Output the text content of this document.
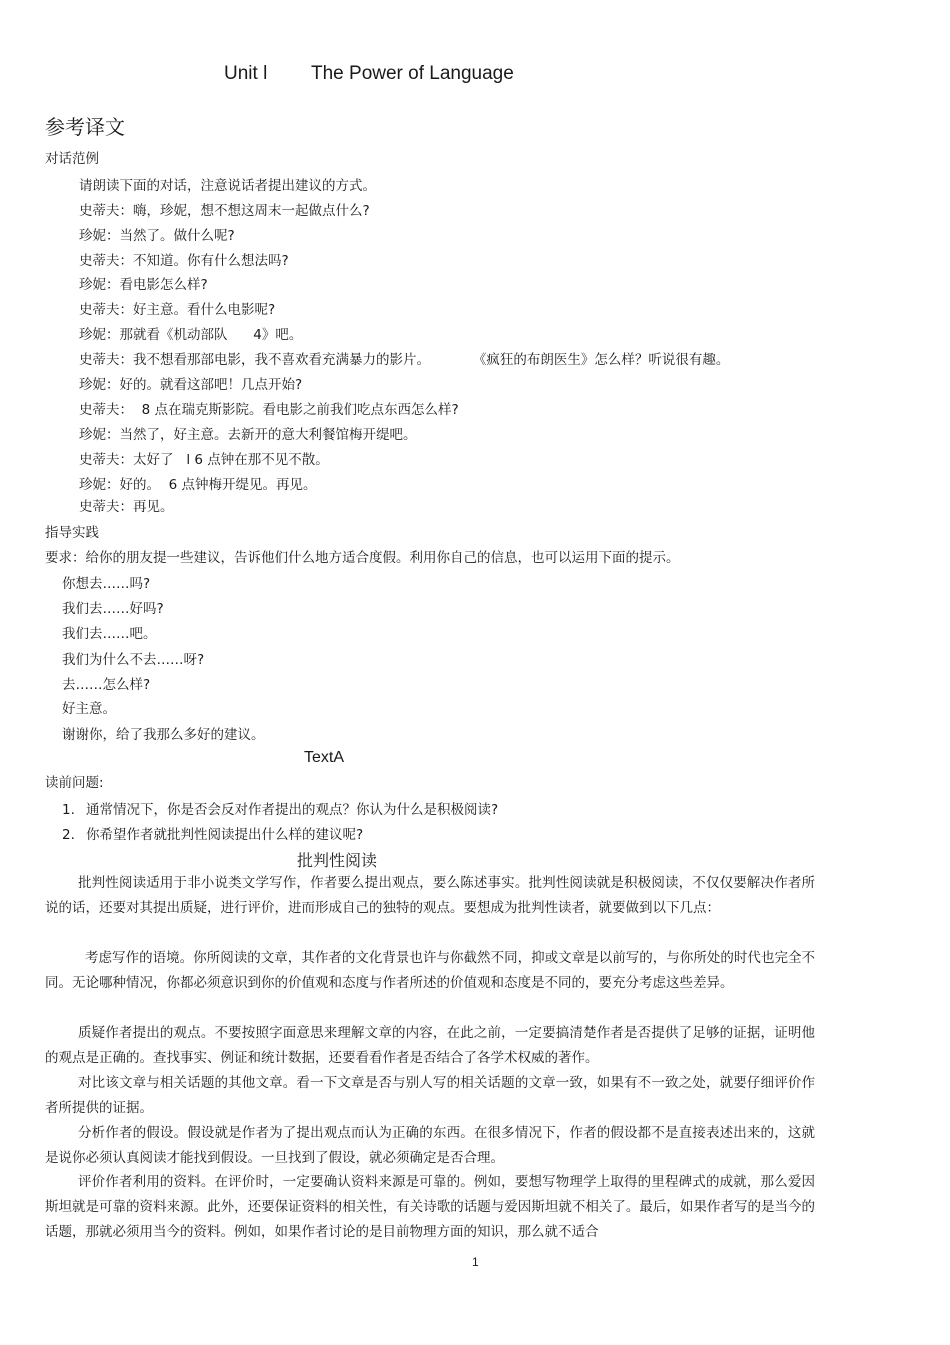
Unit l The Power of Language
参考译文
对话范例
请朗读下面的对话，注意说话者提出建议的方式。
史蒂夫：嗨，珍妮，想不想这周末一起做点什么?
珍妮：当然了。做什么呢?
史蒂夫：不知道。你有什么想法吗?
珍妮：看电影怎么样?
史蒂夫：好主意。看什么电影呢?
珍妮：那就看《机动部队      4》吧。
史蒂夫：我不想看那部电影，我不喜欢看充满暴力的影片。          《疯狂的布朗医生》怎么样？听说很有趣。
珍妮：好的。就看这部吧！几点开始?
史蒂夫：  8 点在瑞克斯影院。看电影之前我们吃点东西怎么样?
珍妮：当然了，好主意。去新开的意大利餐馆梅开缇吧。
史蒂夫：太好了   l 6 点钟在那不见不散。
珍妮：好的。  6 点钟梅开缇见。再见。
史蒂夫：再见。
指导实践
要求：给你的朋友提一些建议，告诉他们什么地方适合度假。利用你自己的信息，也可以运用下面的提示。
你想去……吗?
我们去……好吗?
我们去……吧。
我们为什么不去……呀?
去……怎么样?
好主意。
谢谢你，给了我那么多好的建议。
TextA
读前问题:
1. 通常情况下，你是否会反对作者提出的观点？你认为什么是积极阅读?
2. 你希望作者就批判性阅读提出什么样的建议呢?
批判性阅读
批判性阅读适用于非小说类文学写作，作者要么提出观点，要么陈述事实。批判性阅读就是积极阅读，不仅仅要解决作者所说的话，还要对其提出质疑，进行评价，进而形成自己的独特的观点。要想成为批判性读者，就要做到以下几点：
考虑写作的语境。你所阅读的文章，其作者的文化背景也许与你截然不同，抑或文章是以前写的，与你所处的时代也完全不同。无论哪种情况，你都必须意识到你的价值观和态度与作者所述的价值观和态度是不同的，要充分考虑这些差异。
质疑作者提出的观点。不要按照字面意思来理解文章的内容，在此之前，一定要搞清楚作者是否提供了足够的证据，证明他的观点是正确的。查找事实、例证和统计数据，还要看看作者是否结合了各学术权威的著作。
对比该文章与相关话题的其他文章。看一下文章是否与别人写的相关话题的文章一致，如果有不一致之处，就要仔细评价作者所提供的证据。
分析作者的假设。假设就是作者为了提出观点而认为正确的东西。在很多情况下，作者的假设都不是直接表述出来的，这就是说你必须认真阅读才能找到假设。一旦找到了假设，就必须确定是否合理。
评价作者利用的资料。在评价时，一定要确认资料来源是可靠的。例如，要想写物理学上取得的里程碑式的成就，那么爱因斯坦就是可靠的资料来源。此外，还要保证资料的相关性，有关诗歌的话题与爱因斯坦就不相关了。最后，如果作者写的是当今的话题，那就必须用当今的资料。例如，如果作者讨论的是目前物理方面的知识，那么就不适合
1
